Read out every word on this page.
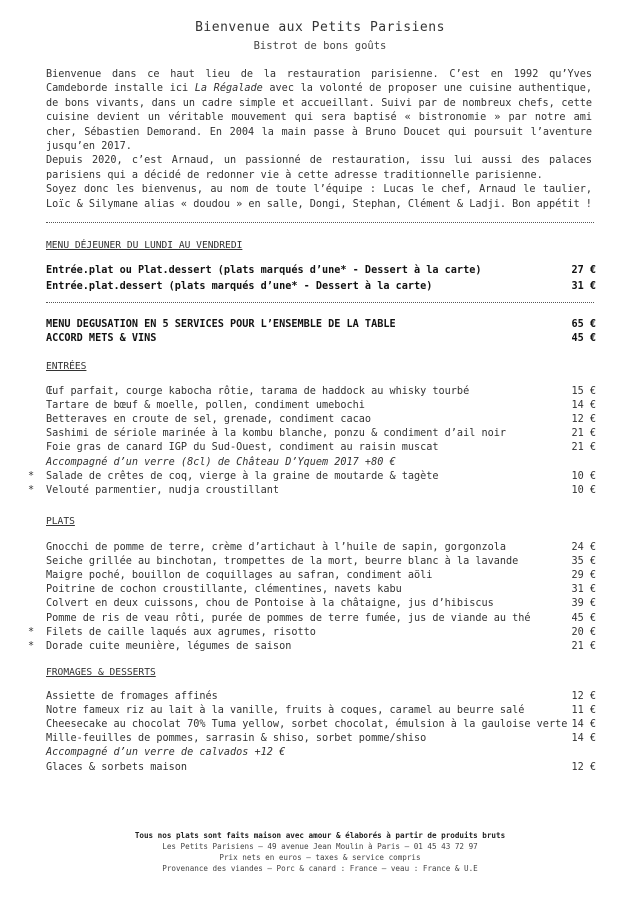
Bienvenue aux Petits Parisiens
Bistrot de bons goûts

Bienvenue dans ce haut lieu de la restauration parisienne. C’est en 1992 qu’Yves Camdeborde installe ici La Régalade avec la volonté de proposer une cuisine authentique, de bons vivants, dans un cadre simple et accueillant. Suivi par de nombreux chefs, cette cuisine devient un véritable mouvement qui sera baptisé « bistronomie » par notre ami cher, Sébastien Demorand. En 2004 la main passe à Bruno Doucet qui poursuit l’aventure jusqu’en 2017.

Depuis 2020, c’est Arnaud, un passionné de restauration, issu lui aussi des palaces parisiens qui a décidé de redonner vie à cette adresse traditionnelle parisienne.

Soyez donc les bienvenus, au nom de toute l’équipe : Lucas le chef, Arnaud le taulier, Loïc & Silymane alias « doudou » en salle, Dongi, Stephan, Clément & Ladji. Bon appétit !

MENU DÉJEUNER DU LUNDI AU VENDREDI
Entrée.plat ou Plat.dessert (plats marqués d’une* - Dessert à la carte)	27 €
Entrée.plat.dessert (plats marqués d’une* - Dessert à la carte)	31 €
MENU DEGUSATION EN 5 SERVICES POUR L’ENSEMBLE DE LA TABLE	65 €
ACCORD METS & VINS	45 €
ENTRÉES
Œuf parfait, courge kabocha rôtie, tarama de haddock au whisky tourbé	15 €
Tartare de bœuf & moelle, pollen, condiment umebochi	14 €
Betteraves en croute de sel, grenade, condiment cacao	12 €
Sashimi de sériole marinée à la kombu blanche, ponzu & condiment d’ail noir	21 €
Foie gras de canard IGP du Sud-Ouest, condiment au raisin muscat	21 €
Accompagné d’un verre (8cl) de Château D’Yquem 2017 +80 €
* Salade de crêtes de coq, vierge à la graine de moutarde & tagète	10 €
* Velouté parmentier, nudja croustillant	10 €
PLATS
Gnocchi de pomme de terre, crème d’artichaut à l’huile de sapin, gorgonzola	24 €
Seiche grillée au binchotan, trompettes de la mort, beurre blanc à la lavande	35 €
Maigre poché, bouillon de coquillages au safran, condiment aöli	29 €
Poitrine de cochon croustillante, clémentines, navets kabu	31 €
Colvert en deux cuissons, chou de Pontoise à la châtaigne, jus d’hibiscus	39 €
Pomme de ris de veau rôti, purée de pommes de terre fumée, jus de viande au thé	45 €
* Filets de caille laqués aux agrumes, risotto	20 €
* Dorade cuite meunière, légumes de saison	21 €
FROMAGES & DESSERTS
Assiette de fromages affinés	12 €
Notre fameux riz au lait à la vanille, fruits à coques, caramel au beurre salé	11 €
Cheesecake au chocolat 70% Tuma yellow, sorbet chocolat, émulsion à la gauloise verte 14 €
Mille-feuilles de pommes, sarrasin & shiso, sorbet pomme/shiso	14 €
Accompagné d’un verre de calvados +12 €
Glaces & sorbets maison	12 €
Tous nos plats sont faits maison avec amour & élaborés à partir de produits bruts
Les Petits Parisiens – 49 avenue Jean Moulin à Paris – 01 45 43 72 97
Prix nets en euros – taxes & service compris
Provenance des viandes – Porc & canard : France – veau : France & U.E
